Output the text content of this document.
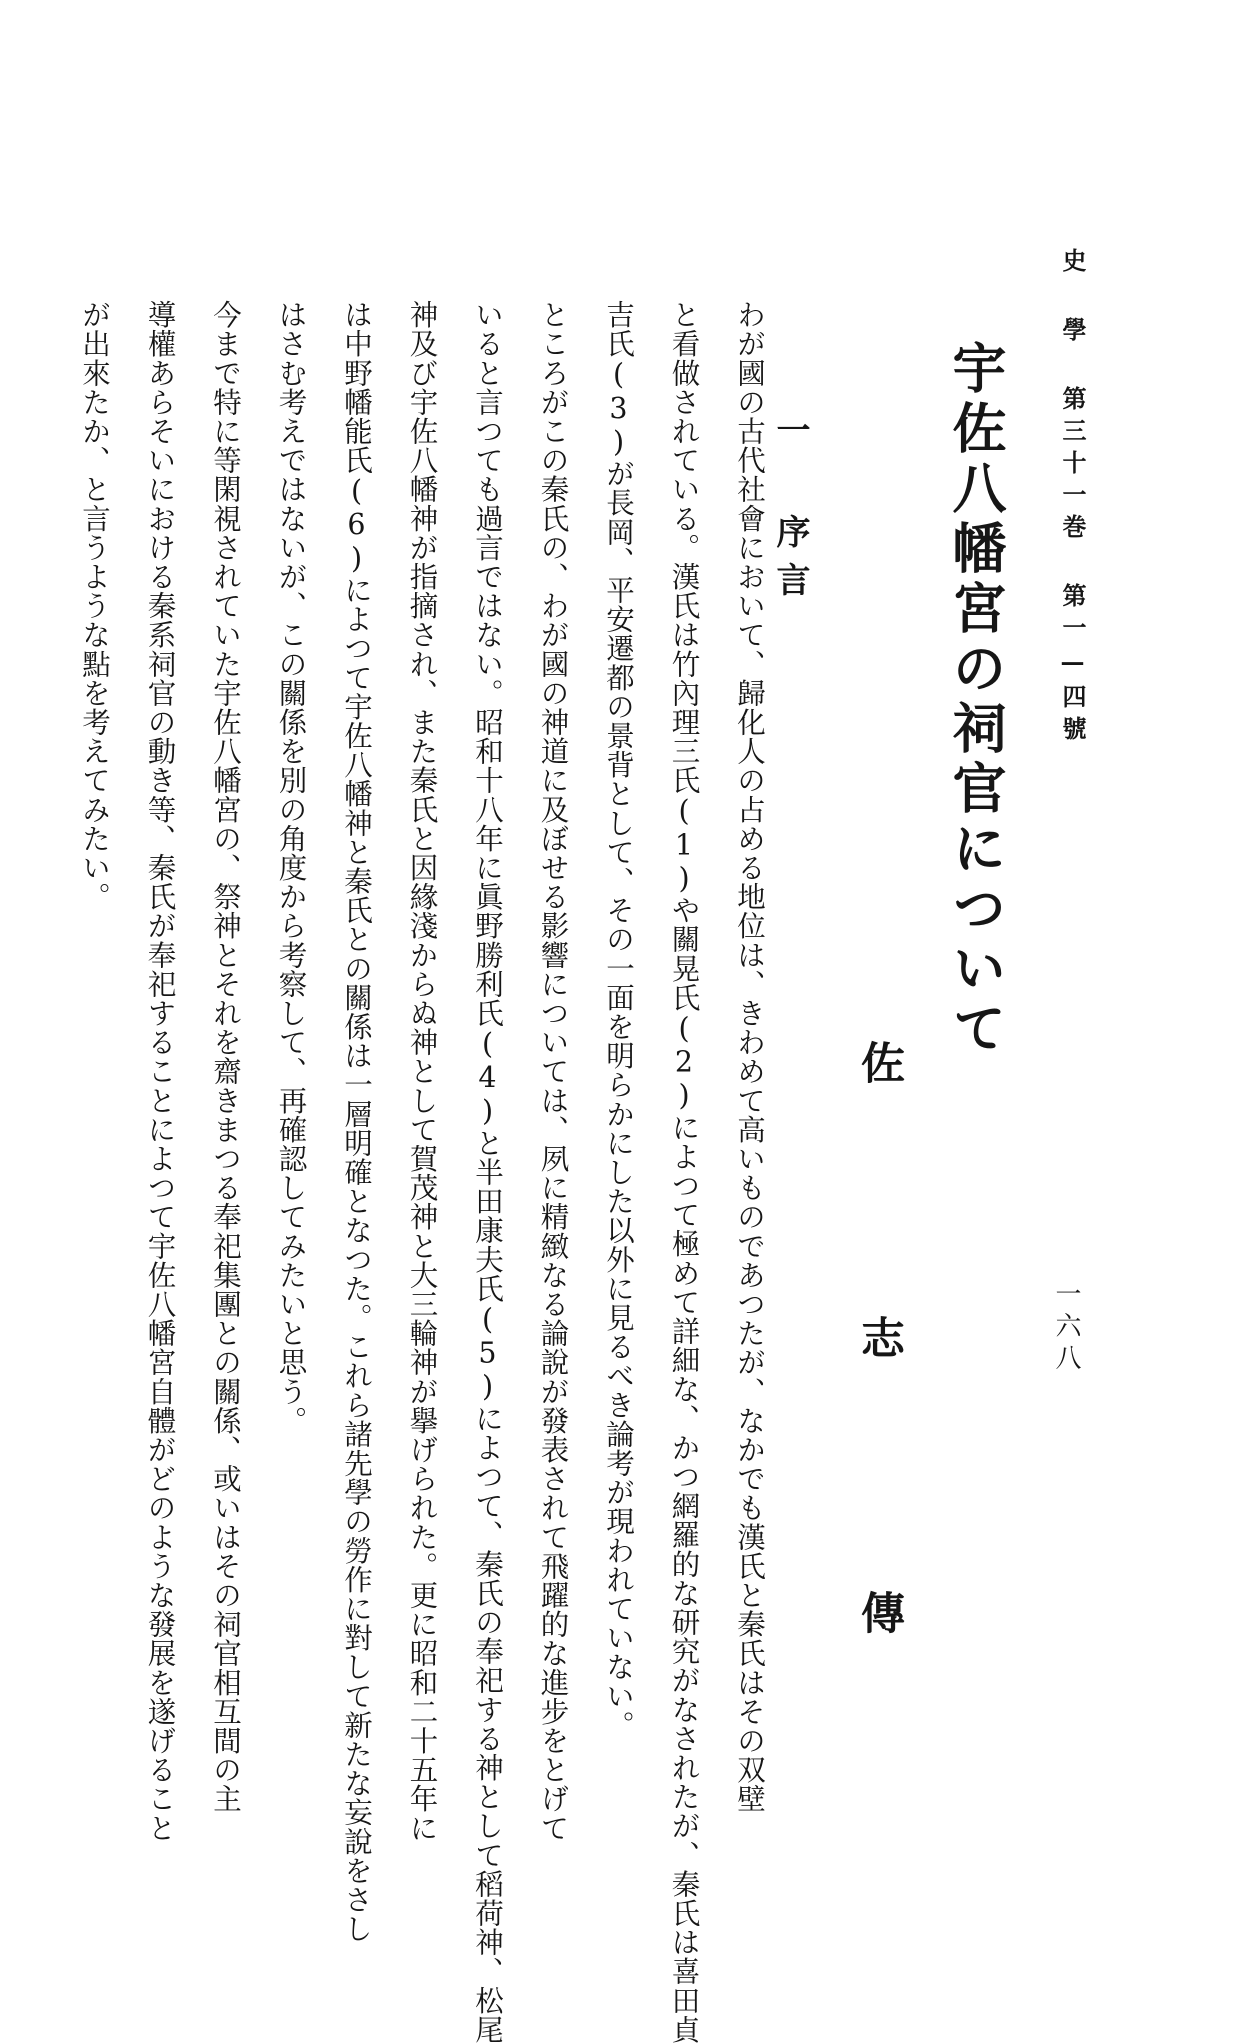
史 學 第三十一巻 第一—四號
一六八
宇佐八幡宮の祠官について
佐 志 傳
一 序言
わが國の古代社會において、歸化人の占める地位は、きわめて高いものであつたが、なかでも漢氏と秦氏はその双壁
と看做されている。漢氏は竹內理三氏(1)や關晃氏(2)によつて極めて詳細な、かつ網羅的な研究がなされたが、秦氏は喜田貞
吉氏(3)が長岡、平安遷都の景背として、その一面を明らかにした以外に見るべき論考が現われていない。
ところがこの秦氏の、わが國の神道に及ぼせる影響については、夙に精緻なる論說が發表されて飛躍的な進步をとげて
いると言つても過言ではない。昭和十八年に眞野勝利氏(4)と半田康夫氏(5)によつて、秦氏の奉祀する神として稻荷神、松尾
神及び宇佐八幡神が指摘され、また秦氏と因緣淺からぬ神として賀茂神と大三輪神が擧げられた。更に昭和二十五年に
は中野幡能氏(6)によつて宇佐八幡神と秦氏との關係は一層明確となつた。これら諸先學の勞作に對して新たな妄說をさし
はさむ考えではないが、この關係を別の角度から考察して、再確認してみたいと思う。
今まで特に等閑視されていた宇佐八幡宮の、祭神とそれを齋きまつる奉祀集團との關係、或いはその祠官相互間の主
導權あらそいにおける秦系祠官の動き等、秦氏が奉祀することによつて宇佐八幡宮自體がどのような發展を遂げること
が出來たか、と言うような點を考えてみたい。
